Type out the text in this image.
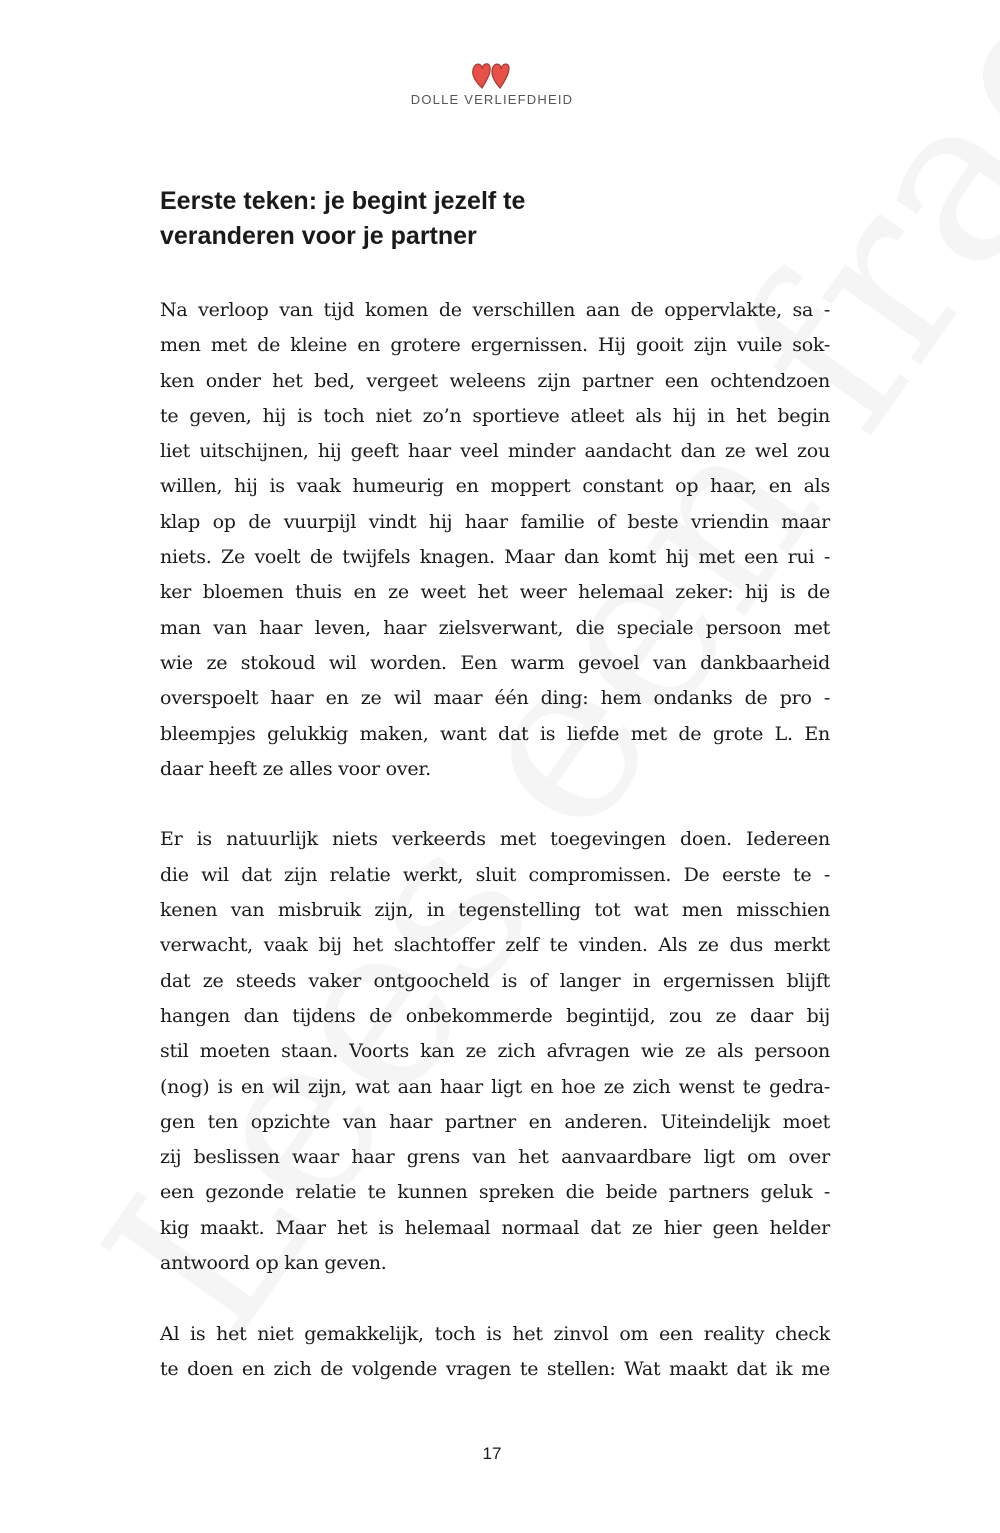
DOLLE VERLIEFDHEID
Eerste teken: je begint jezelf te
veranderen voor je partner

Na verloop van tijd komen de verschillen aan de oppervlakte, sa -
men met de kleine en grotere ergernissen. Hij gooit zijn vuile sok-
ken onder het bed, vergeet weleens zijn partner een ochtendzoen
te geven, hij is toch niet zo’n sportieve atleet als hij in het begin
liet uitschijnen, hij geeft haar veel minder aandacht dan ze wel zou
willen, hij is vaak humeurig en moppert constant op haar, en als
klap op de vuurpijl vindt hij haar familie of beste vriendin maar
niets. Ze voelt de twijfels knagen. Maar dan komt hij met een rui -
ker bloemen thuis en ze weet het weer helemaal zeker: hij is de
man van haar leven, haar zielsverwant, die speciale persoon met
wie ze stokoud wil worden. Een warm gevoel van dankbaarheid
overspoelt haar en ze wil maar één ding: hem ondanks de pro -
bleempjes gelukkig maken, want dat is liefde met de grote L. En
daar heeft ze alles voor over.

Er is natuurlijk niets verkeerds met toegevingen doen. Iedereen
die wil dat zijn relatie werkt, sluit compromissen. De eerste te -
kenen van misbruik zijn, in tegenstelling tot wat men misschien
verwacht, vaak bij het slachtoffer zelf te vinden. Als ze dus merkt
dat ze steeds vaker ontgoocheld is of langer in ergernissen blijft
hangen dan tijdens de onbekommerde begintijd, zou ze daar bij
stil moeten staan. Voorts kan ze zich afvragen wie ze als persoon
(nog) is en wil zijn, wat aan haar ligt en hoe ze zich wenst te gedra-
gen ten opzichte van haar partner en anderen. Uiteindelijk moet
zij beslissen waar haar grens van het aanvaardbare ligt om over
een gezonde relatie te kunnen spreken die beide partners geluk -
kig maakt. Maar het is helemaal normaal dat ze hier geen helder
antwoord op kan geven.

Al is het niet gemakkelijk, toch is het zinvol om een reality check
te doen en zich de volgende vragen te stellen: Wat maakt dat ik me

17
